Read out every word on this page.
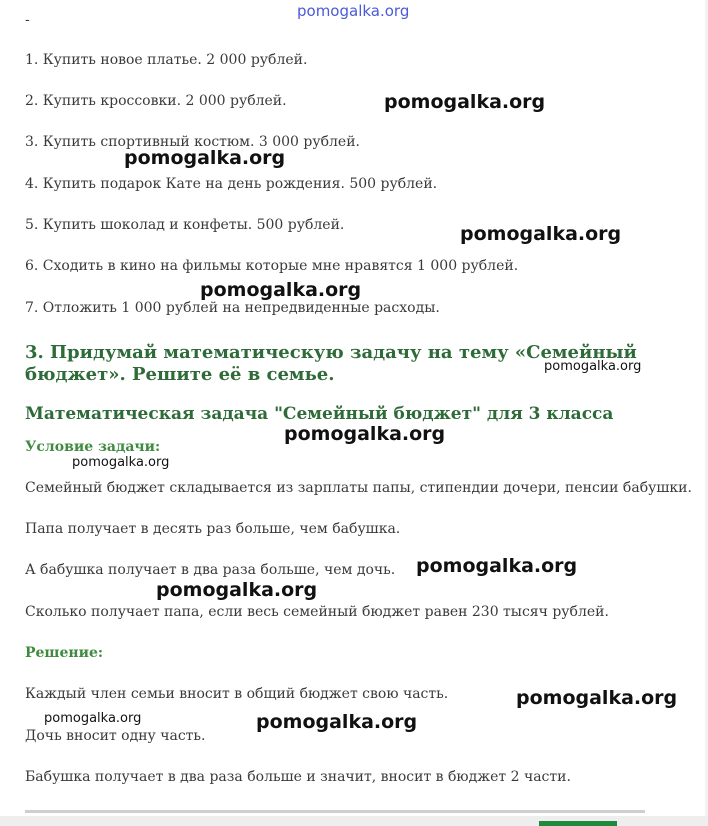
-	pomogalka.org
1. Купить новое платье. 2 000 рублей.
2. Купить кроссовки. 2 000 рублей.
3. Купить спортивный костюм. 3 000 рублей.
4. Купить подарок Кате на день рождения. 500 рублей.
5. Купить шоколад и конфеты. 500 рублей.
6. Сходить в кино на фильмы которые мне нравятся 1 000 рублей.
7. Отложить 1 000 рублей на непредвиденные расходы.
3. Придумай математическую задачу на тему «Семейный бюджет». Решите её в семье.
Математическая задача "Семейный бюджет" для 3 класса
Условие задачи:
Семейный бюджет складывается из зарплаты папы, стипендии дочери, пенсии бабушки.
Папа получает в десять раз больше, чем бабушка.
А бабушка получает в два раза больше, чем дочь.
Сколько получает папа, если весь семейный бюджет равен 230 тысяч рублей.
Решение:
Каждый член семьи вносит в общий бюджет свою часть.
Дочь вносит одну часть.
Бабушка получает в два раза больше и значит, вносит в бюджет 2 части.
pomogalka.org
pomogalka.org
pomogalka.org
pomogalka.org
pomogalka.org
pomogalka.org
pomogalka.org
pomogalka.org
pomogalka.org
pomogalka.org
pomogalka.org	pomogalka.org
